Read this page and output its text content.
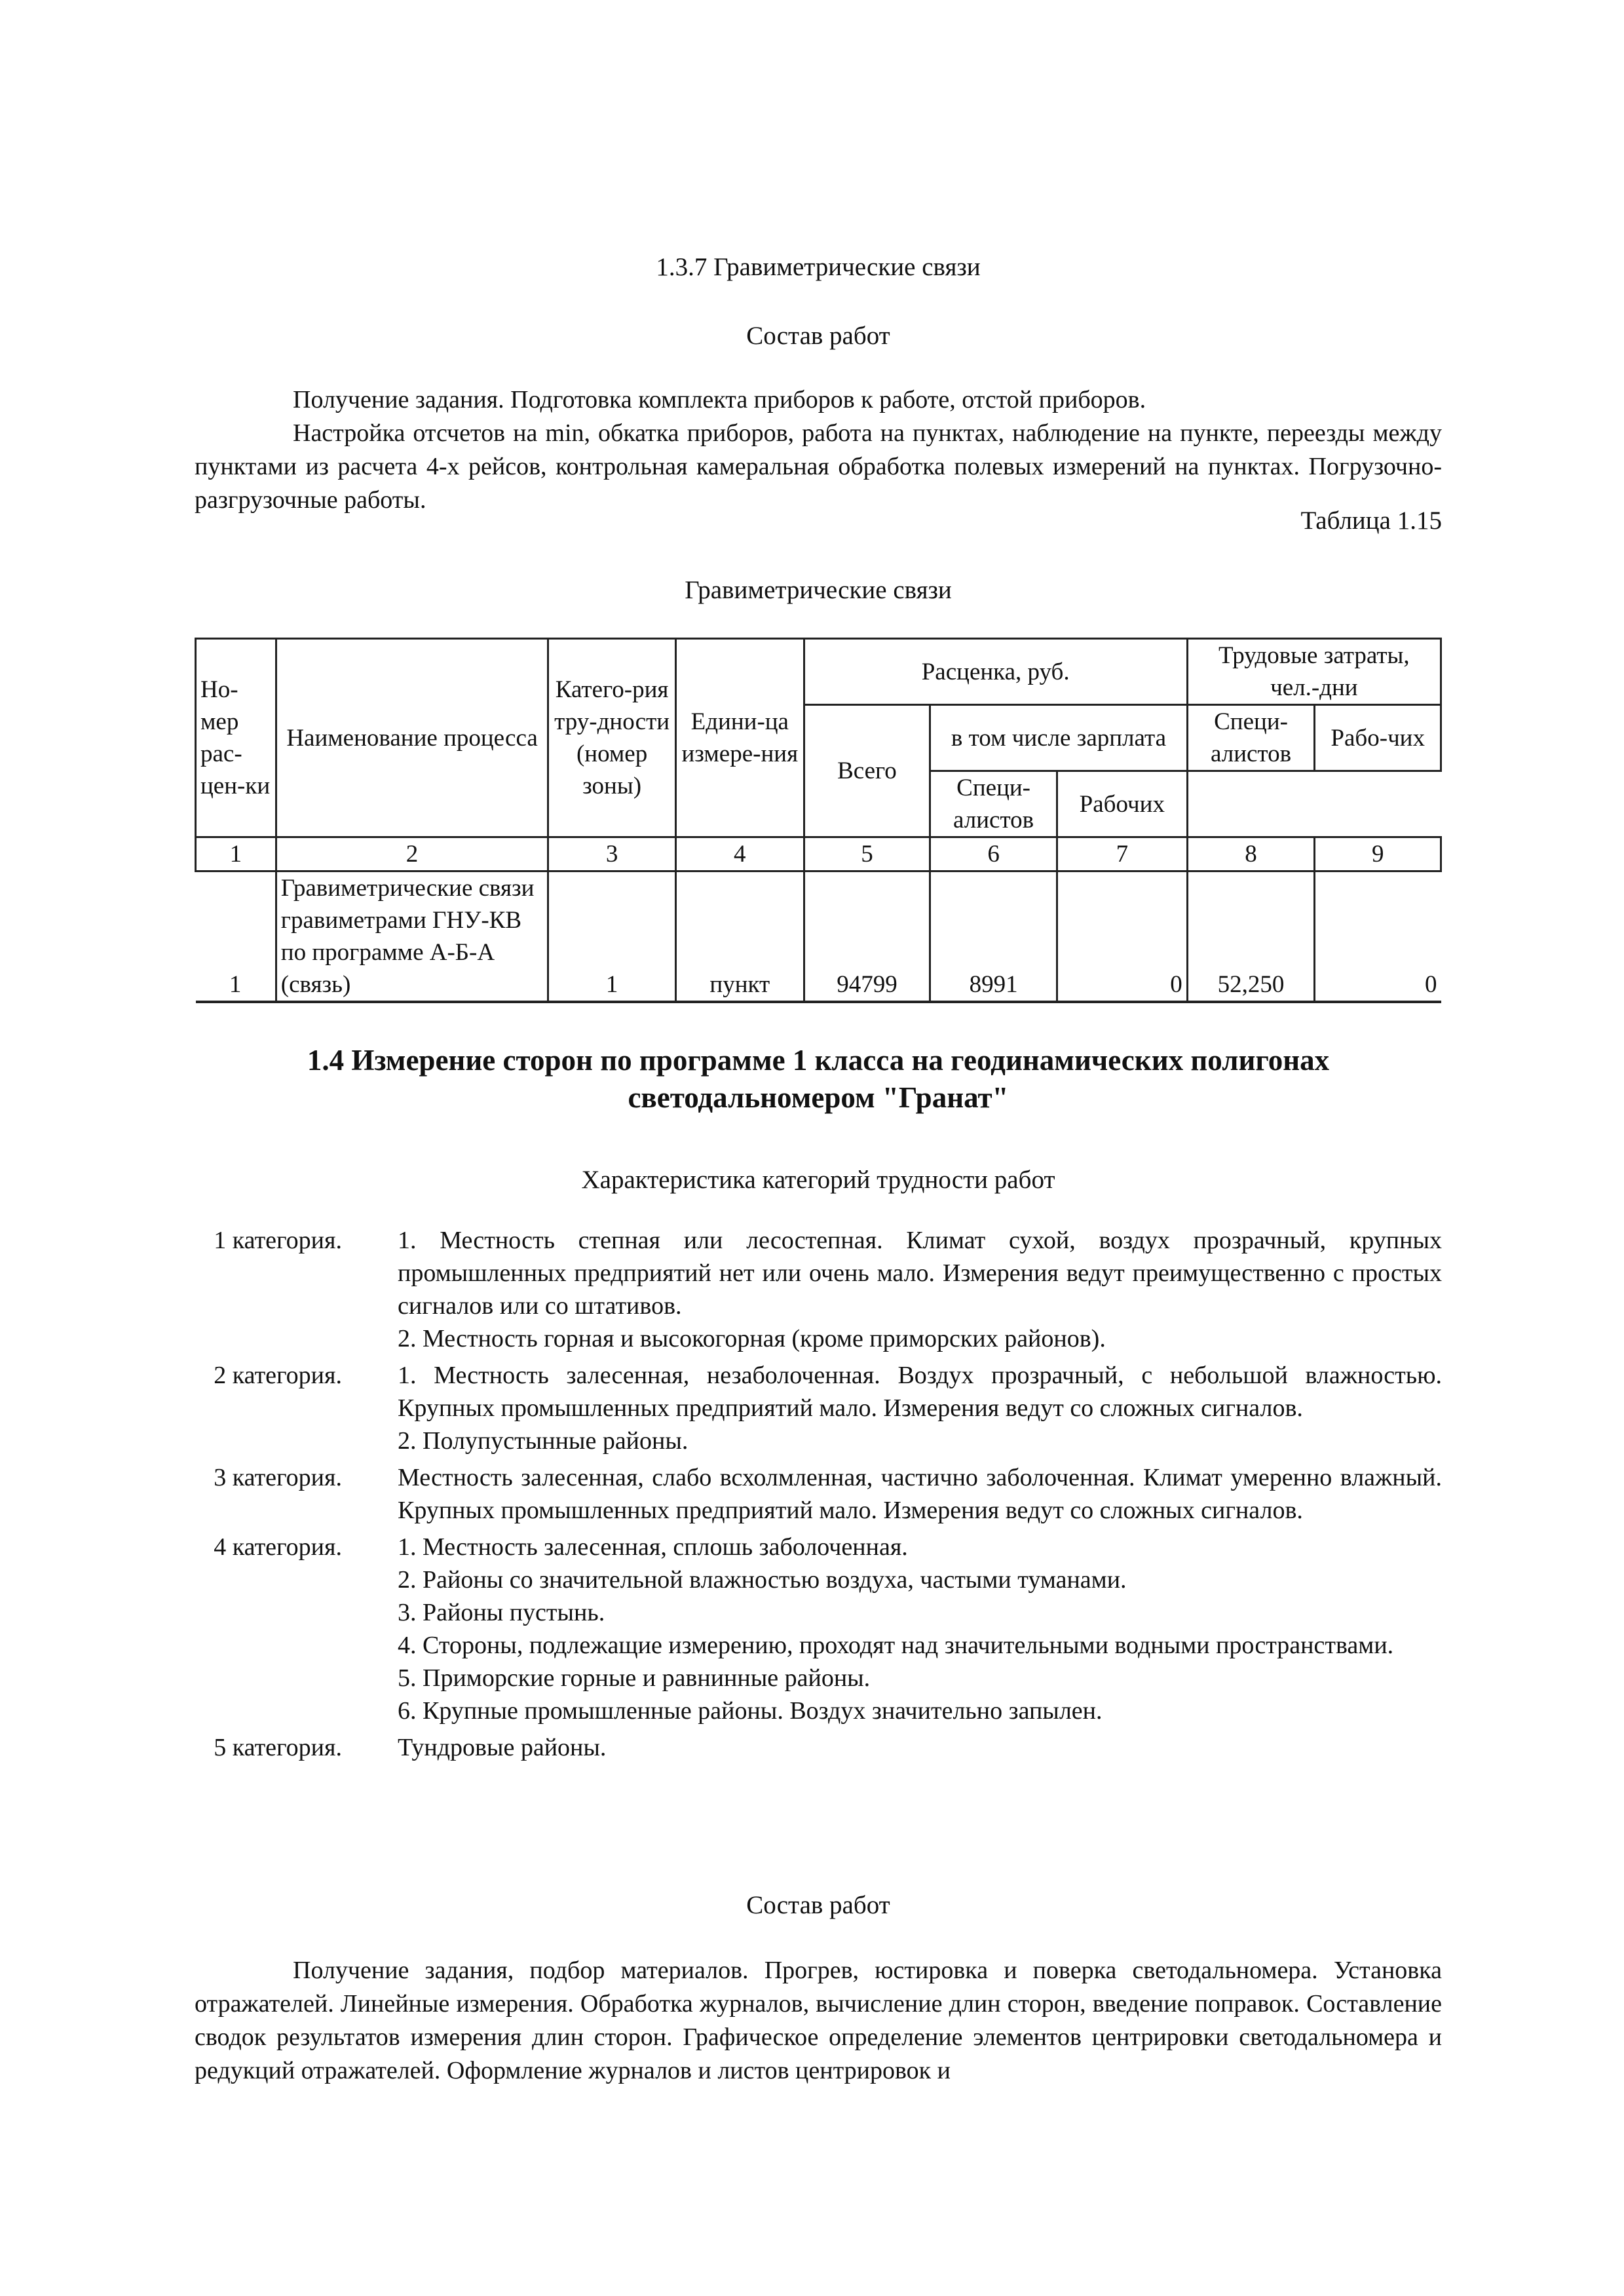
1.3.7 Гравиметрические связи
Состав работ

Получение задания. Подготовка комплекта приборов к работе, отстой приборов.

Настройка отсчетов на min, обкатка приборов, работа на пунктах, наблюдение на пункте, переезды между пунктами из расчета 4-х рейсов, контрольная камеральная обработка полевых измерений на пунктах. Погрузочно-разгрузочные работы.

Таблица 1.15
Гравиметрические связи
Но-мер рас-цен-ки	Наименование процесса	Катего-рия тру-дности (номер зоны)	Едини-ца измере-ния	Расценка, руб.			Трудовые затраты, чел.-дни	
				Всего	в том числе зарплата		Специ-алистов	Рабо-чих
					Специ-алистов	Рабочих		
1	2	3	4	5	6	7	8	9
1	Гравиметрические связи гравиметрами ГНУ-КВ по программе А-Б-А (связь)	1	пункт	94799	8991	0	52,250	0
1.4 Измерение сторон по программе 1 класса на геодинамических полигонах светодальномером "Гранат"
Характеристика категорий трудности работ
1 категория.	1. Местность степная или лесостепная. Климат сухой, воздух прозрачный, крупных промышленных предприятий нет или очень мало. Измерения ведут преимущественно с простых сигналов или со штативов.
2. Местность горная и высокогорная (кроме приморских районов).
2 категория.	1. Местность залесенная, незаболоченная. Воздух прозрачный, с небольшой влажностью. Крупных промышленных предприятий мало. Измерения ведут со сложных сигналов.
2. Полупустынные районы.
3 категория.	Местность залесенная, слабо всхолмленная, частично заболоченная. Климат умеренно влажный. Крупных промышленных предприятий мало. Измерения ведут со сложных сигналов.
4 категория.	1. Местность залесенная, сплошь заболоченная.
2. Районы со значительной влажностью воздуха, частыми туманами.
3. Районы пустынь.
4. Стороны, подлежащие измерению, проходят над значительными водными пространствами.
5. Приморские горные и равнинные районы.
6. Крупные промышленные районы. Воздух значительно запылен.
5 категория.	Тундровые районы.
Состав работ

Получение задания, подбор материалов. Прогрев, юстировка и поверка светодальномера. Установка отражателей. Линейные измерения. Обработка журналов, вычисление длин сторон, введение поправок. Составление сводок результатов измерения длин сторон. Графическое определение элементов центрировки светодальномера и редукций отражателей. Оформление журналов и листов центрировок и
